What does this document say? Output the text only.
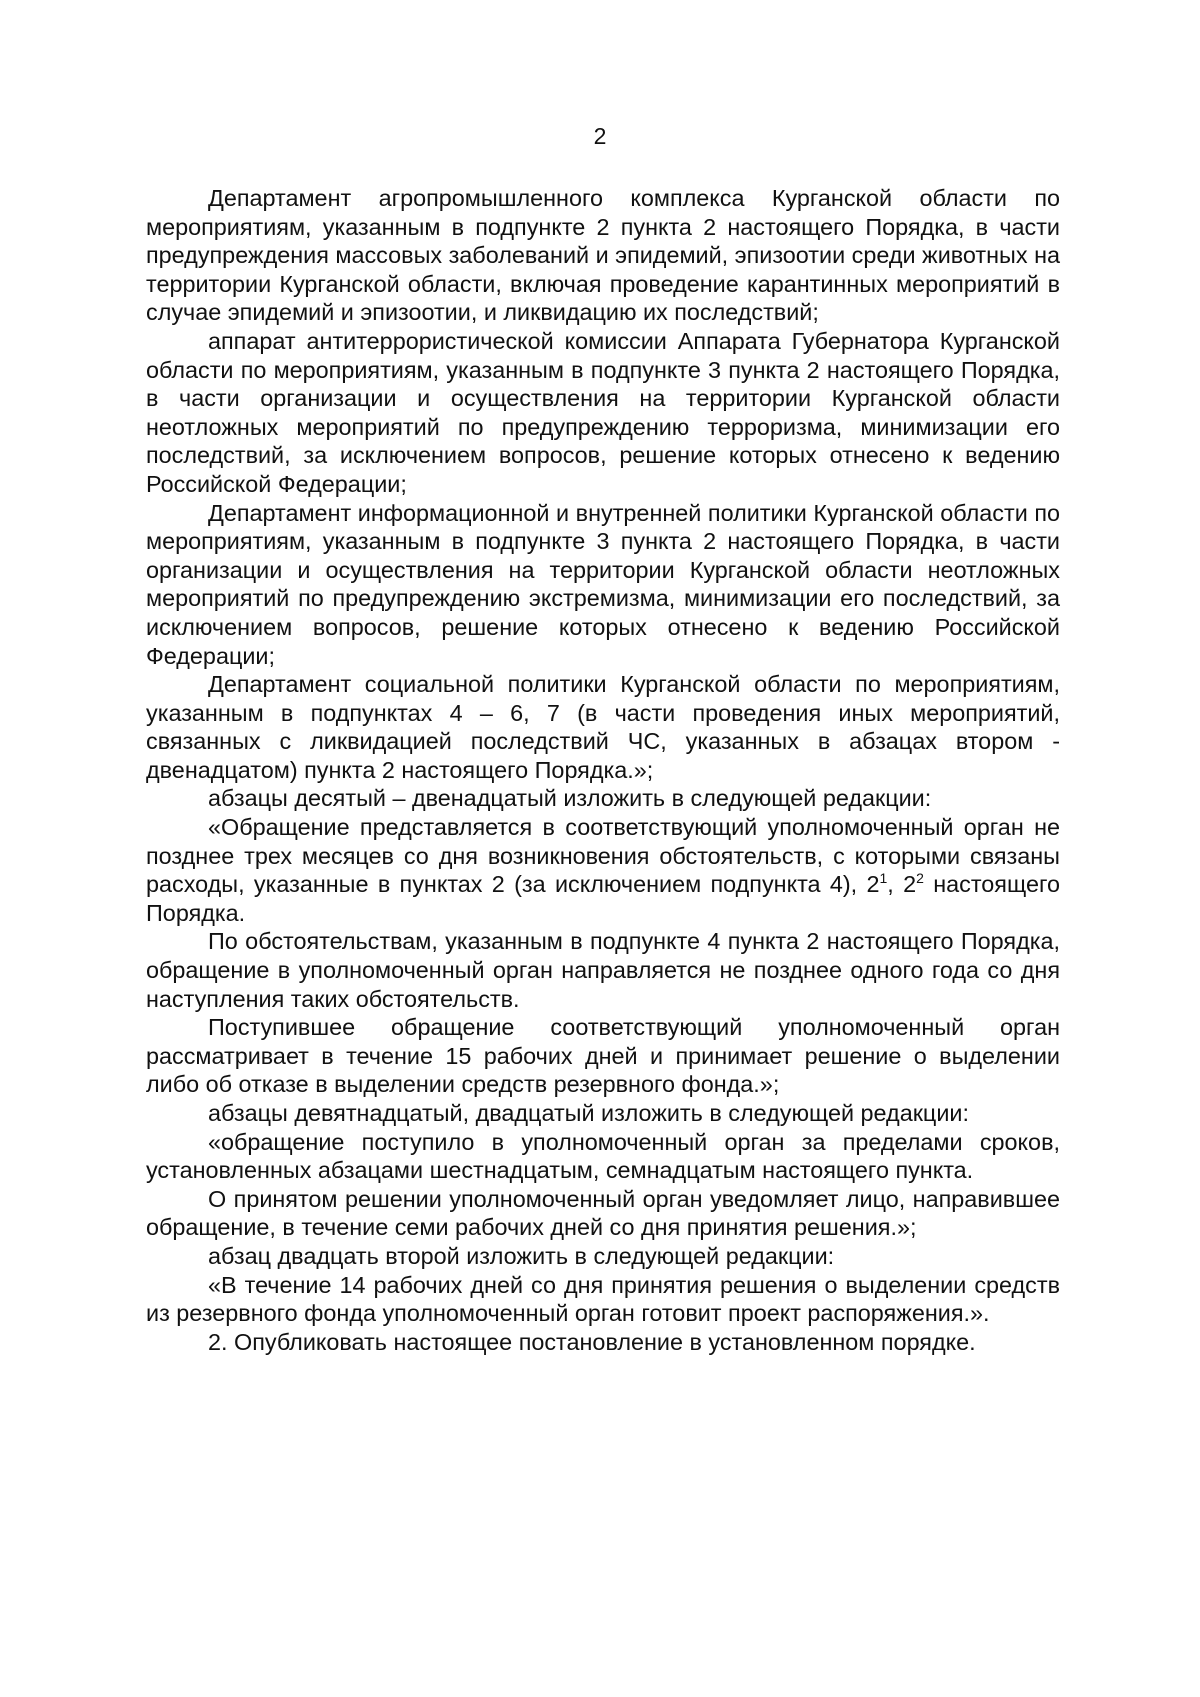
2

Департамент агропромышленного комплекса Курганской области по мероприятиям, указанным в подпункте 2 пункта 2 настоящего Порядка, в части предупреждения массовых заболеваний и эпидемий, эпизоотии среди животных на территории Курганской области, включая проведение карантинных мероприятий в случае эпидемий и эпизоотии, и ликвидацию их последствий;

аппарат антитеррористической комиссии Аппарата Губернатора Курганской области по мероприятиям, указанным в подпункте 3 пункта 2 настоящего Порядка, в части организации и осуществления на территории Курганской области неотложных мероприятий по предупреждению терроризма, минимизации его последствий, за исключением вопросов, решение которых отнесено к ведению Российской Федерации;

Департамент информационной и внутренней политики Курганской области по мероприятиям, указанным в подпункте 3 пункта 2 настоящего Порядка, в части организации и осуществления на территории Курганской области неотложных мероприятий по предупреждению экстремизма, минимизации его последствий, за исключением вопросов, решение которых отнесено к ведению Российской Федерации;

Департамент социальной политики Курганской области по мероприятиям, указанным в подпунктах 4 – 6, 7 (в части проведения иных мероприятий, связанных с ликвидацией последствий ЧС, указанных в абзацах втором - двенадцатом) пункта 2 настоящего Порядка.»;

абзацы десятый – двенадцатый изложить в следующей редакции:

«Обращение представляется в соответствующий уполномоченный орган не позднее трех месяцев со дня возникновения обстоятельств, с которыми связаны расходы, указанные в пунктах 2 (за исключением подпункта 4), $2^1$, $2^2$ настоящего Порядка.

По обстоятельствам, указанным в подпункте 4 пункта 2 настоящего Порядка, обращение в уполномоченный орган направляется не позднее одного года со дня наступления таких обстоятельств.

Поступившее обращение соответствующий уполномоченный орган рассматривает в течение 15 рабочих дней и принимает решение о выделении либо об отказе в выделении средств резервного фонда.»;

абзацы девятнадцатый, двадцатый изложить в следующей редакции:

«обращение поступило в уполномоченный орган за пределами сроков, установленных абзацами шестнадцатым, семнадцатым настоящего пункта.

О принятом решении уполномоченный орган уведомляет лицо, направившее обращение, в течение семи рабочих дней со дня принятия решения.»;

абзац двадцать второй изложить в следующей редакции:

«В течение 14 рабочих дней со дня принятия решения о выделении средств из резервного фонда уполномоченный орган готовит проект распоряжения.».

2. Опубликовать настоящее постановление в установленном порядке.
